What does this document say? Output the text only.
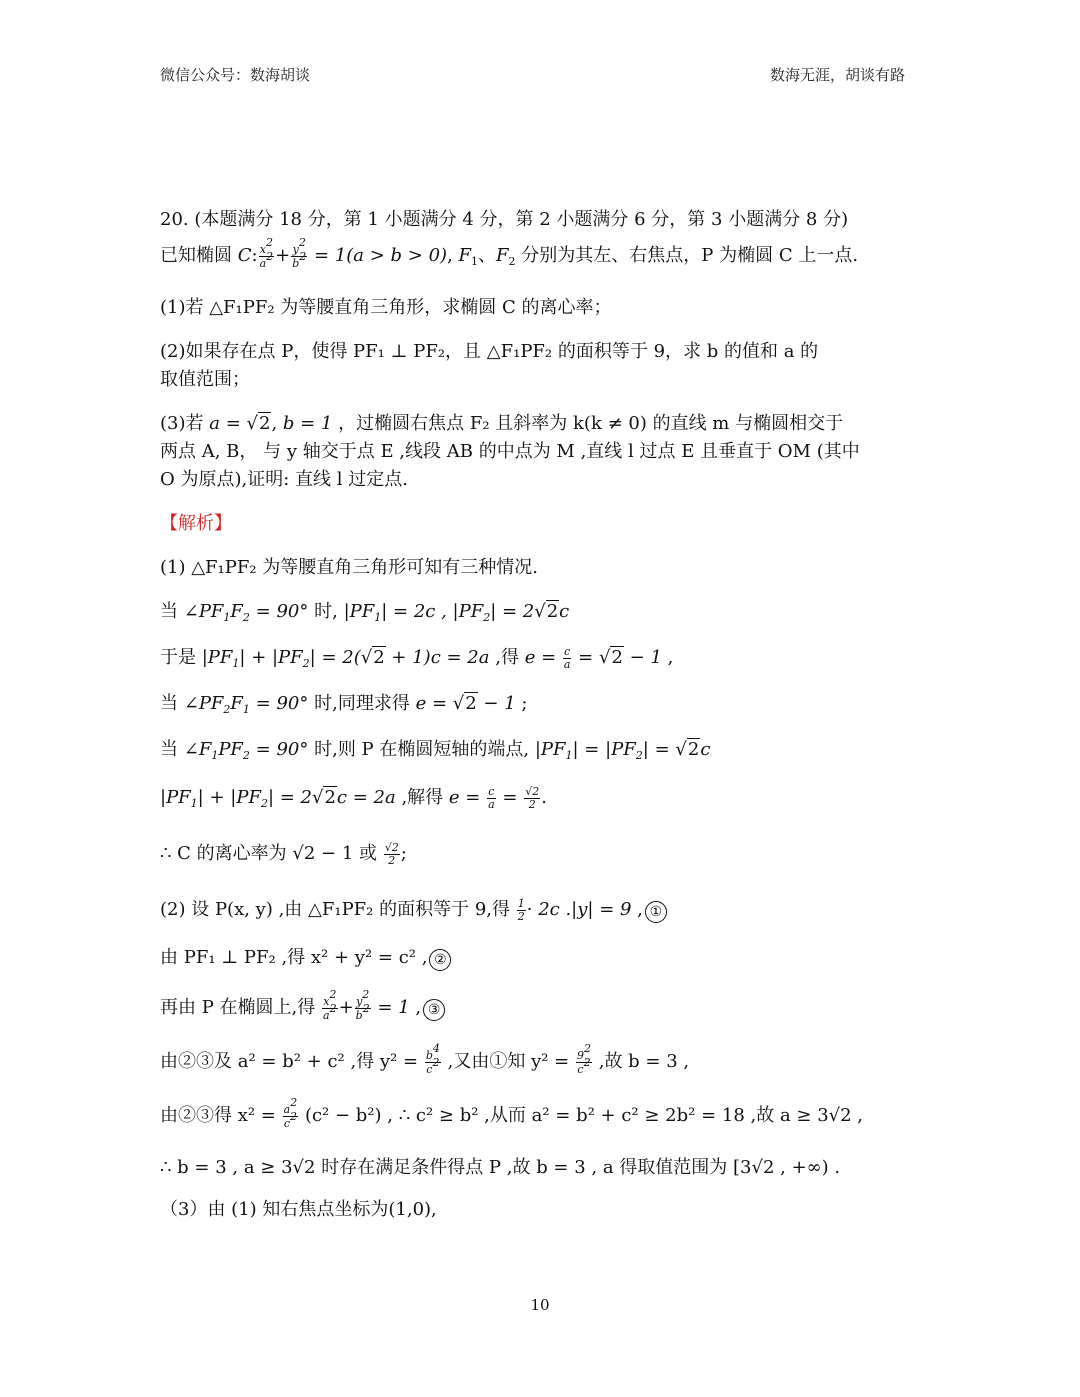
微信公众号：数海胡谈	数海无涯，胡谈有路
20. (本题满分 18 分，第 1 小题满分 4 分，第 2 小题满分 6 分，第 3 小题满分 8 分)
已知椭圆 C: $\frac{x^2}{a^2} + \frac{y^2}{b^2} = 1(a > b > 0)$, $F_1$、$F_2$ 分别为其左、右焦点，P 为椭圆 C 上一点.
(1)若 △F₁PF₂ 为等腰直角三角形，求椭圆 C 的离心率；
(2)如果存在点 P，使得 PF₁ ⊥ PF₂，且 △F₁PF₂ 的面积等于 9，求 b 的值和 a 的
取值范围；
(3)若 a = √2, b = 1 ，过椭圆右焦点 F₂ 且斜率为 k(k ≠ 0) 的直线 m 与椭圆相交于
两点 A, B， 与 y 轴交于点 E ,线段 AB 的中点为 M ,直线 l 过点 E 且垂直于 OM (其中
O 为原点),证明: 直线 l 过定点.
【解析】
(1) △F₁PF₂ 为等腰直角三角形可知有三种情况.
当 $\angle PF_1F_2 = 90^\circ$ 时, $|PF_1| = 2c$ , $|PF_2| = 2√2c$
于是 $|PF_1| + |PF_2| = 2(√2 + 1)c = 2a$ ,得 $e = \frac{c}{a} = √2 - 1$ ,
当 $\angle PF_2F_1 = 90^\circ$ 时,同理求得 e = √2 − 1 ;
当 $\angle F_1PF_2 = 90^\circ$ 时,则 P 在椭圆短轴的端点, $|PF_1| = |PF_2| = √2c$
$|PF_1| + |PF_2| = 2√2c = 2a$ ,解得 $e = \frac{c}{a} = \frac{√2}{2}$ .
∴ C 的离心率为 √2 − 1 或 $\frac{√2}{2}$ ;
(2) 设 P(x, y) ,由 △F₁PF₂ 的面积等于 9,得 $\frac{1}{2} \cdot 2c$ .|y| = 9 , ①
由 PF₁ ⊥ PF₂ ,得 x² + y² = c² , ②
再由 P 在椭圆上,得 $\frac{x^2}{a^2} + \frac{y^2}{b^2} = 1$ , ③
由②③及 a² = b² + c² ,得 $y^2 = \frac{b^4}{c^2}$ ,又由①知 $y^2 = \frac{9^2}{c^2}$ ,故 b = 3 ,
由②③得 $x^2 = \frac{a^2}{c^2} (c^2 - b^2)$ , ∴ c² ≥ b² ,从而 a² = b² + c² ≥ 2b² = 18 ,故 a ≥ 3√2 ,
∴ b = 3 , a ≥ 3√2 时存在满足条件得点 P ,故 b = 3 , a 得取值范围为 [3√2 , +∞) .
（3）由 (1) 知右焦点坐标为(1,0),
10
